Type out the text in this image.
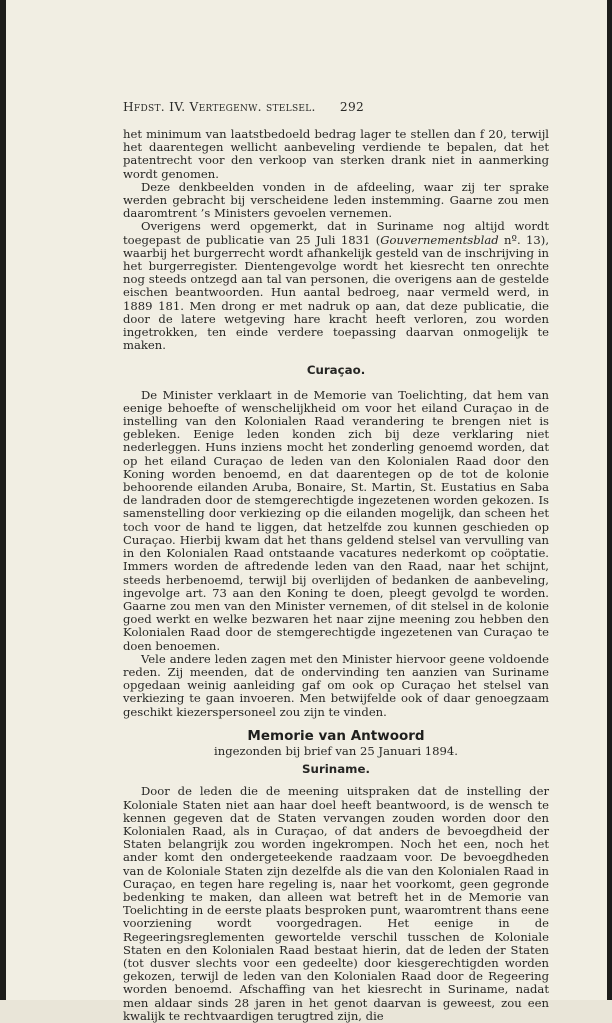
Hfdst. IV. Vertegenw. stelsel. 292

het minimum van laatstbedoeld bedrag lager te stellen dan f 20, terwijl het daarentegen wellicht aanbeveling verdiende te bepalen, dat het patentrecht voor den verkoop van sterken drank niet in aanmerking wordt genomen.

Deze denkbeelden vonden in de afdeeling, waar zij ter sprake werden gebracht bij verscheidene leden instemming. Gaarne zou men daaromtrent ’s Ministers gevoelen vernemen.

Overigens werd opgemerkt, dat in Suriname nog altijd wordt toegepast de publicatie van 25 Juli 1831 (Gouvernementsblad nº. 13), waarbij het burgerrecht wordt afhankelijk gesteld van de inschrijving in het burgerregister. Dientengevolge wordt het kiesrecht ten onrechte nog steeds ontzegd aan tal van personen, die overigens aan de gestelde eischen beantwoorden. Hun aantal bedroeg, naar vermeld werd, in 1889 181. Men drong er met nadruk op aan, dat deze publicatie, die door de latere wetgeving hare kracht heeft verloren, zou worden ingetrokken, ten einde verdere toepassing daarvan onmogelijk te maken.

Curaçao.

De Minister verklaart in de Memorie van Toelichting, dat hem van eenige behoefte of wenschelijkheid om voor het eiland Curaçao in de instelling van den Kolonialen Raad verandering te brengen niet is gebleken. Eenige leden konden zich bij deze verklaring niet nederleggen. Huns inziens mocht het zonderling genoemd worden, dat op het eiland Curaçao de leden van den Kolonialen Raad door den Koning worden benoemd, en dat daarentegen op de tot de kolonie behoorende eilanden Aruba, Bonaire, St. Martin, St. Eustatius en Saba de landraden door de stemgerechtigde ingezetenen worden gekozen. Is samenstelling door verkiezing op die eilanden mogelijk, dan scheen het toch voor de hand te liggen, dat hetzelfde zou kunnen geschieden op Curaçao. Hierbij kwam dat het thans geldend stelsel van vervulling van in den Kolonialen Raad ontstaande vacatures nederkomt op coöptatie. Immers worden de aftredende leden van den Raad, naar het schijnt, steeds herbenoemd, terwijl bij overlijden of bedanken de aanbeveling, ingevolge art. 73 aan den Koning te doen, pleegt gevolgd te worden. Gaarne zou men van den Minister vernemen, of dit stelsel in de kolonie goed werkt en welke bezwaren het naar zijne meening zou hebben den Kolonialen Raad door de stemgerechtigde ingezetenen van Curaçao te doen benoemen.

Vele andere leden zagen met den Minister hiervoor geene voldoende reden. Zij meenden, dat de ondervinding ten aanzien van Suriname opgedaan weinig aanleiding gaf om ook op Curaçao het stelsel van verkiezing te gaan invoeren. Men betwijfelde ook of daar genoegzaam geschikt kiezerspersoneel zou zijn te vinden.

Memorie van Antwoord
ingezonden bij brief van 25 Januari 1894.
Suriname.

Door de leden die de meening uitspraken dat de instelling der Koloniale Staten niet aan haar doel heeft beantwoord, is de wensch te kennen gegeven dat de Staten vervangen zouden worden door den Kolonialen Raad, als in Curaçao, of dat anders de bevoegdheid der Staten belangrijk zou worden ingekrompen. Noch het een, noch het ander komt den ondergeteekende raadzaam voor. De bevoegdheden van de Koloniale Staten zijn dezelfde als die van den Kolonialen Raad in Curaçao, en tegen hare regeling is, naar het voorkomt, geen gegronde bedenking te maken, dan alleen wat betreft het in de Memorie van Toelichting in de eerste plaats besproken punt, waaromtrent thans eene voorziening wordt voorgedragen. Het eenige in de Regeeringsreglementen gewortelde verschil tusschen de Koloniale Staten en den Kolonialen Raad bestaat hierin, dat de leden der Staten (tot dusver slechts voor een gedeelte) door kiesgerechtigden worden gekozen, terwijl de leden van den Kolonialen Raad door de Regeering worden benoemd. Afschaffing van het kiesrecht in Suriname, nadat men aldaar sinds 28 jaren in het genot daarvan is geweest, zou een kwalijk te rechtvaardigen terugtred zijn, die
